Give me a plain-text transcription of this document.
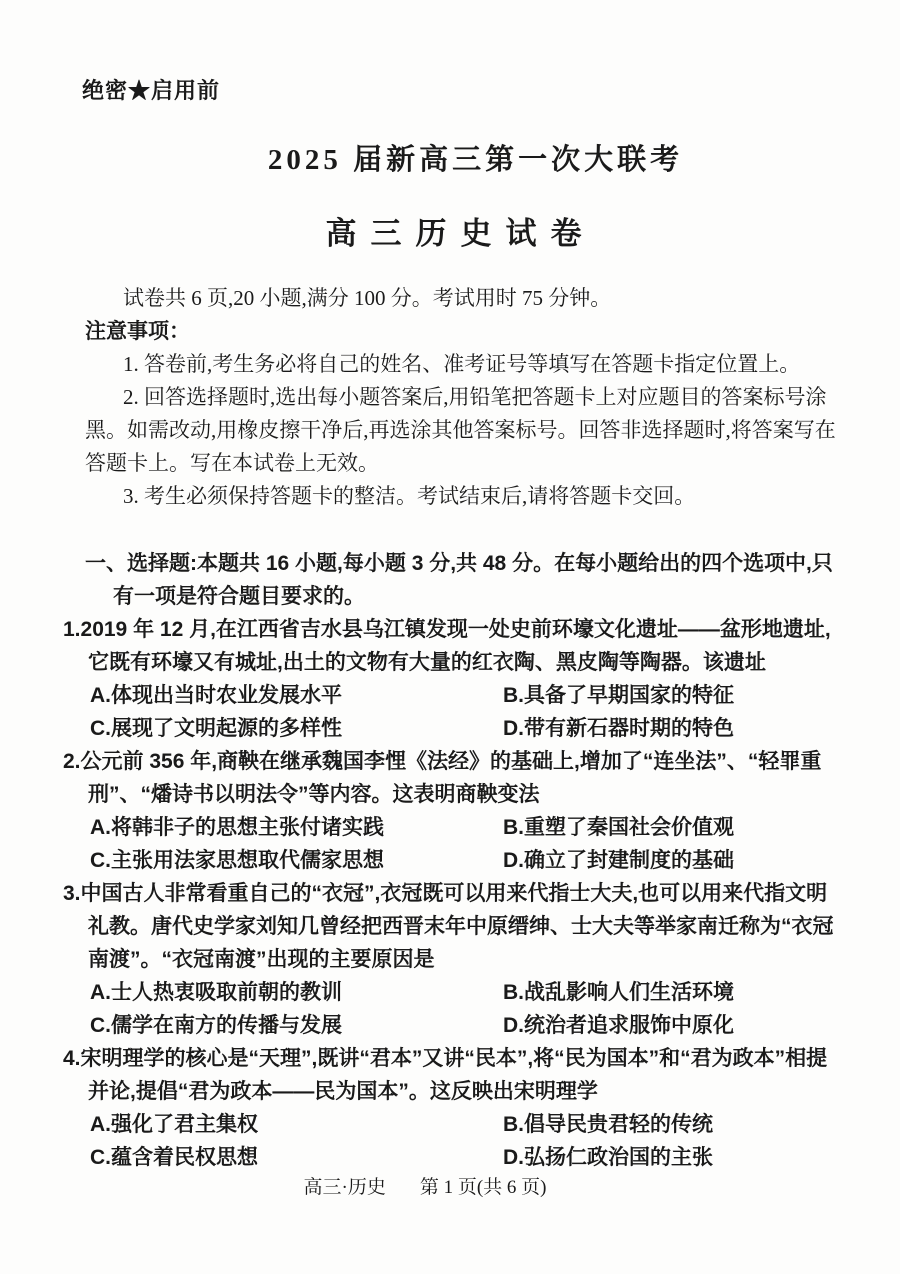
绝密★启用前
2025 届新高三第一次大联考
高三历史试卷

试卷共 6 页,20 小题,满分 100 分。考试用时 75 分钟。

注意事项：

1. 答卷前,考生务必将自己的姓名、准考证号等填写在答题卡指定位置上。

2. 回答选择题时,选出每小题答案后,用铅笔把答题卡上对应题目的答案标号涂黑。如需改动,用橡皮擦干净后,再选涂其他答案标号。回答非选择题时,将答案写在答题卡上。写在本试卷上无效。

3. 考生必须保持答题卡的整洁。考试结束后,请将答题卡交回。

一、选择题:本题共 16 小题,每小题 3 分,共 48 分。在每小题给出的四个选项中,只有一项是符合题目要求的。

1.2019 年 12 月,在江西省吉水县乌江镇发现一处史前环壕文化遗址——盆形地遗址,它既有环壕又有城址,出土的文物有大量的红衣陶、黑皮陶等陶器。该遗址

A.体现出当时农业发展水平	B.具备了早期国家的特征
C.展现了文明起源的多样性	D.带有新石器时期的特色

2.公元前 356 年,商鞅在继承魏国李悝《法经》的基础上,增加了“连坐法”、“轻罪重刑”、“燔诗书以明法令”等内容。这表明商鞅变法

A.将韩非子的思想主张付诸实践	B.重塑了秦国社会价值观
C.主张用法家思想取代儒家思想	D.确立了封建制度的基础

3.中国古人非常看重自己的“衣冠”,衣冠既可以用来代指士大夫,也可以用来代指文明礼教。唐代史学家刘知几曾经把西晋末年中原缙绅、士大夫等举家南迁称为“衣冠南渡”。“衣冠南渡”出现的主要原因是

A.士人热衷吸取前朝的教训	B.战乱影响人们生活环境
C.儒学在南方的传播与发展	D.统治者追求服饰中原化

4.宋明理学的核心是“天理”,既讲“君本”又讲“民本”,将“民为国本”和“君为政本”相提并论,提倡“君为政本——民为国本”。这反映出宋明理学

A.强化了君主集权	B.倡导民贵君轻的传统
C.蕴含着民权思想	D.弘扬仁政治国的主张
高三·历史 第 1 页(共 6 页)
